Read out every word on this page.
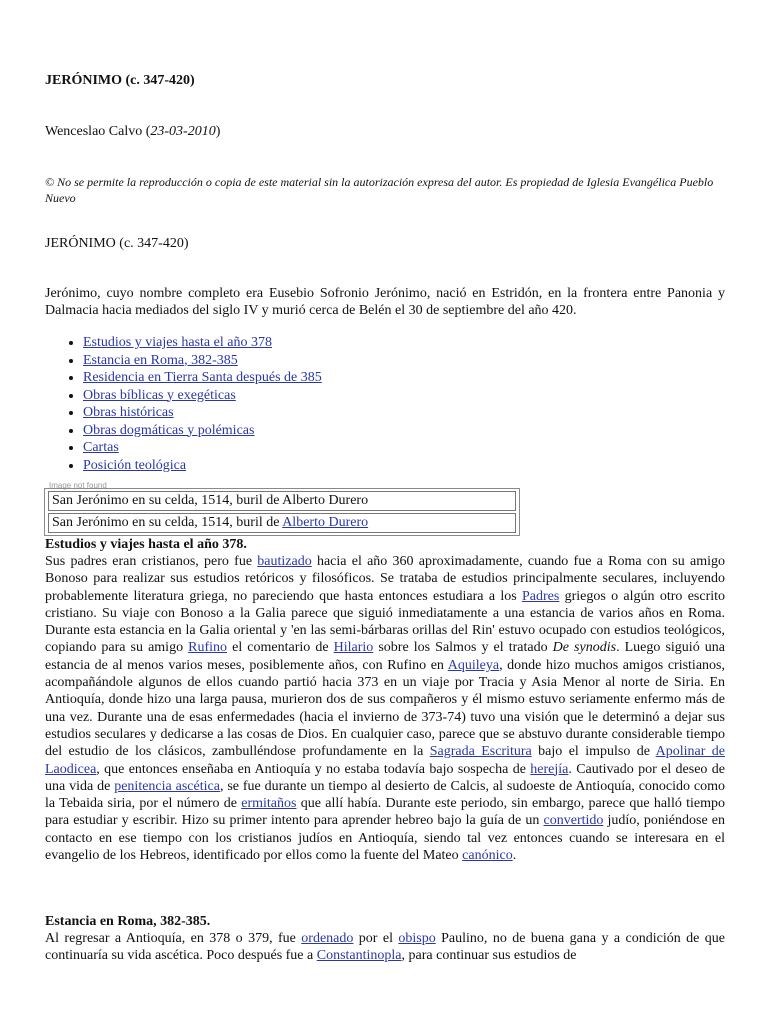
JERÓNIMO (c. 347-420)

Wenceslao Calvo (23-03-2010)

© No se permite la reproducción o copia de este material sin la autorización expresa del autor. Es propiedad de Iglesia Evangélica Pueblo Nuevo

JERÓNIMO (c. 347-420)

Jerónimo, cuyo nombre completo era Eusebio Sofronio Jerónimo, nació en Estridón, en la frontera entre Panonia y Dalmacia hacia mediados del siglo IV y murió cerca de Belén el 30 de septiembre del año 420.

• Estudios y viajes hasta el año 378
• Estancia en Roma, 382-385
• Residencia en Tierra Santa después de 385
• Obras bíblicas y exegéticas
• Obras históricas
• Obras dogmáticas y polémicas
• Cartas
• Posición teológica
Image not found
San Jerónimo en su celda, 1514, buril de Alberto Durero
San Jerónimo en su celda, 1514, buril de Alberto Durero
Estudios y viajes hasta el año 378.

Sus padres eran cristianos, pero fue bautizado hacia el año 360 aproximadamente, cuando fue a Roma con su amigo Bonoso para realizar sus estudios retóricos y filosóficos. Se trataba de estudios principalmente seculares, incluyendo probablemente literatura griega, no pareciendo que hasta entonces estudiara a los Padres griegos o algún otro escrito cristiano. Su viaje con Bonoso a la Galia parece que siguió inmediatamente a una estancia de varios años en Roma. Durante esta estancia en la Galia oriental y 'en las semi-bárbaras orillas del Rin' estuvo ocupado con estudios teológicos, copiando para su amigo Rufino el comentario de Hilario sobre los Salmos y el tratado De synodis. Luego siguió una estancia de al menos varios meses, posiblemente años, con Rufino en Aquileya, donde hizo muchos amigos cristianos, acompañándole algunos de ellos cuando partió hacia 373 en un viaje por Tracia y Asia Menor al norte de Siria. En Antioquía, donde hizo una larga pausa, murieron dos de sus compañeros y él mismo estuvo seriamente enfermo más de una vez. Durante una de esas enfermedades (hacia el invierno de 373-74) tuvo una visión que le determinó a dejar sus estudios seculares y dedicarse a las cosas de Dios. En cualquier caso, parece que se abstuvo durante considerable tiempo del estudio de los clásicos, zambulléndose profundamente en la Sagrada Escritura bajo el impulso de Apolinar de Laodicea, que entonces enseñaba en Antioquía y no estaba todavía bajo sospecha de herejía. Cautivado por el deseo de una vida de penitencia ascética, se fue durante un tiempo al desierto de Calcis, al sudoeste de Antioquía, conocido como la Tebaida siria, por el número de ermitaños que allí había. Durante este periodo, sin embargo, parece que halló tiempo para estudiar y escribir. Hizo su primer intento para aprender hebreo bajo la guía de un convertido judío, poniéndose en contacto en ese tiempo con los cristianos judíos en Antioquía, siendo tal vez entonces cuando se interesara en el evangelio de los Hebreos, identificado por ellos como la fuente del Mateo canónico.

Estancia en Roma, 382-385.

Al regresar a Antioquía, en 378 o 379, fue ordenado por el obispo Paulino, no de buena gana y a condición de que continuaría su vida ascética. Poco después fue a Constantinopla, para continuar sus estudios de
